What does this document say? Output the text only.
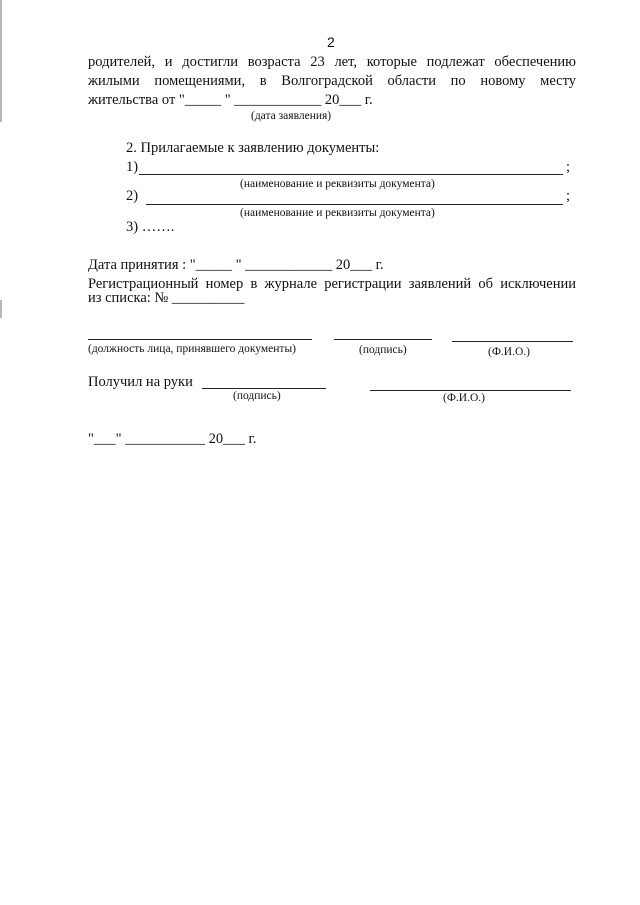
2
родителей, и достигли возраста 23 лет, которые подлежат обеспечению
жилыми помещениями, в Волгоградской области по новому месту
жительства от "_____ " ____________ 20___ г.
(дата заявления)
2. Прилагаемые к заявлению документы:
1)	;
(наименование и реквизиты документа)
2)	;
(наименование и реквизиты документа)
3) …….
Дата принятия : "_____ " ____________ 20___ г.
Регистрационный номер в журнале регистрации заявлений об исключении
из списка: № __________
(должность лица, принявшего документы)	(подпись)	(Ф.И.О.)
Получил на руки
(подпись)	(Ф.И.О.)
"___" ___________ 20___ г.
